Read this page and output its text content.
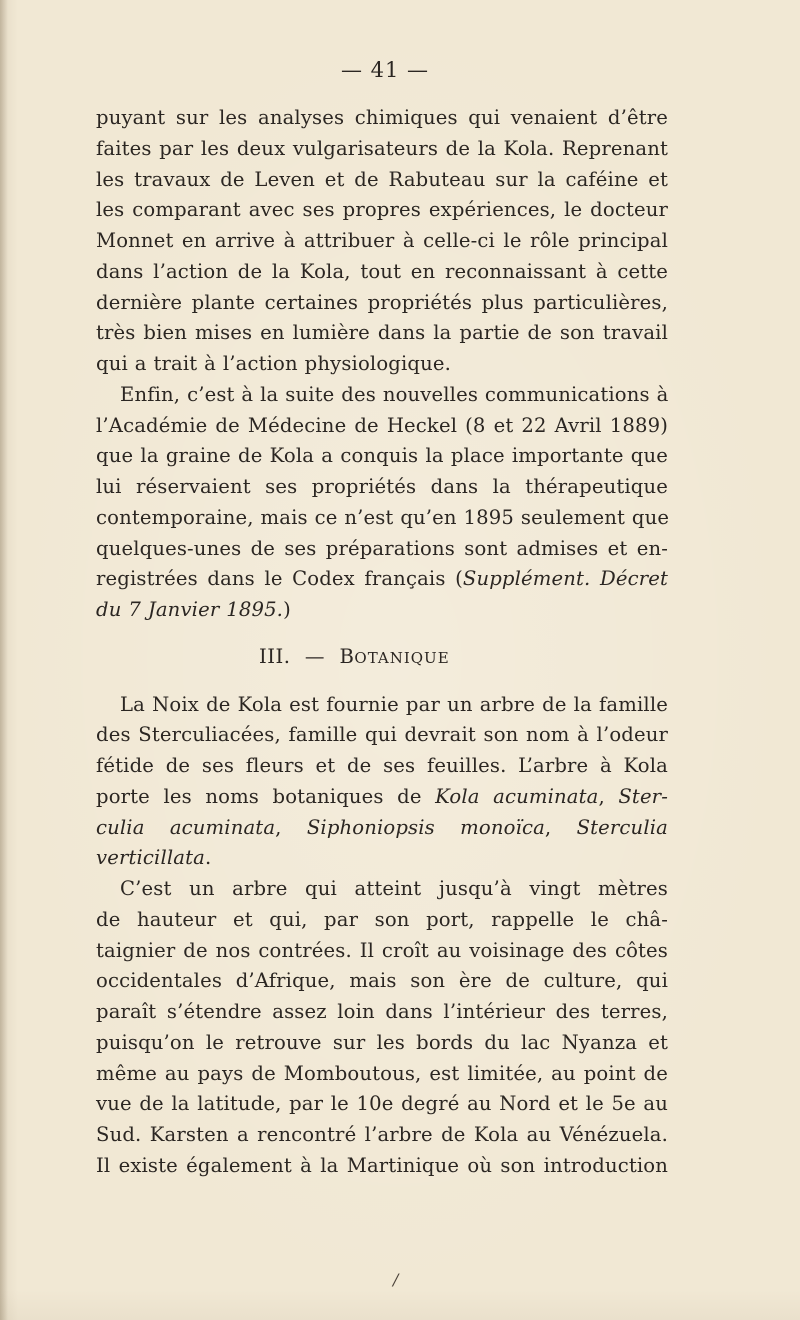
— 41 —
puyant sur les analyses chimiques qui venaient d’être
faites par les deux vulgarisateurs de la Kola. Reprenant
les travaux de Leven et de Rabuteau sur la caféine et
les comparant avec ses propres expériences, le docteur
Monnet en arrive à attribuer à celle-ci le rôle principal
dans l’action de la Kola, tout en reconnaissant à cette
dernière plante certaines propriétés plus particulières,
très bien mises en lumière dans la partie de son travail
qui a trait à l’action physiologique.
Enfin, c’est à la suite des nouvelles communications à
l’Académie de Médecine de Heckel (8 et 22 Avril 1889)
que la graine de Kola a conquis la place importante que
lui réservaient ses propriétés dans la thérapeutique
contemporaine, mais ce n’est qu’en 1895 seulement que
quelques-unes de ses préparations sont admises et en-
registrées dans le Codex français (Supplément. Décret
du 7 Janvier 1895.)
III. — BOTANIQUE
La Noix de Kola est fournie par un arbre de la famille
des Sterculiacées, famille qui devrait son nom à l’odeur
fétide de ses fleurs et de ses feuilles. L’arbre à Kola
porte les noms botaniques de Kola acuminata, Ster-
culia acuminata, Siphoniopsis monoïca, Sterculia
verticillata.
C’est un arbre qui atteint jusqu’à vingt mètres
de hauteur et qui, par son port, rappelle le châ-
taignier de nos contrées. Il croît au voisinage des côtes
occidentales d’Afrique, mais son ère de culture, qui
paraît s’étendre assez loin dans l’intérieur des terres,
puisqu’on le retrouve sur les bords du lac Nyanza et
même au pays de Momboutous, est limitée, au point de
vue de la latitude, par le 10e degré au Nord et le 5e au
Sud. Karsten a rencontré l’arbre de Kola au Vénézuela.
Il existe également à la Martinique où son introduction
/
